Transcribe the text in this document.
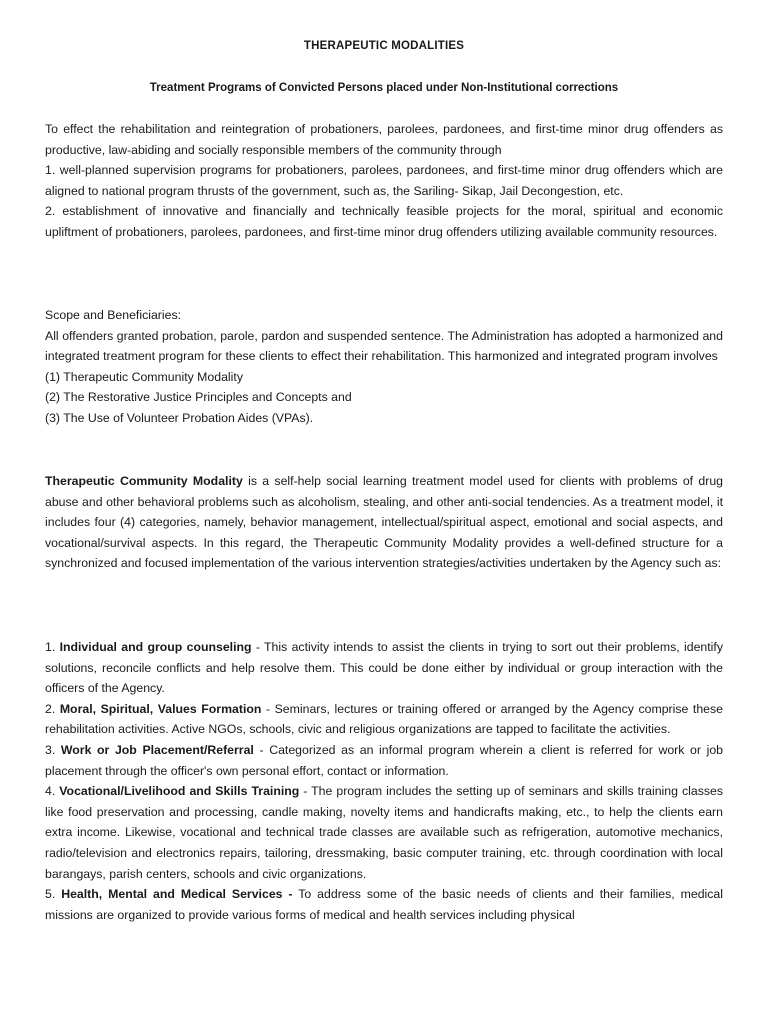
THERAPEUTIC MODALITIES
Treatment Programs of Convicted Persons placed under Non-Institutional corrections

To effect the rehabilitation and reintegration of probationers, parolees, pardonees, and first-time minor drug offenders as productive, law-abiding and socially responsible members of the community through

1. well-planned supervision programs for probationers, parolees, pardonees, and first-time minor drug offenders which are aligned to national program thrusts of the government, such as, the Sariling- Sikap, Jail Decongestion, etc.

2. establishment of innovative and financially and technically feasible projects for the moral, spiritual and economic upliftment of probationers, parolees, pardonees, and first-time minor drug offenders utilizing available community resources.

Scope and Beneficiaries:

All offenders granted probation, parole, pardon and suspended sentence. The Administration has adopted a harmonized and integrated treatment program for these clients to effect their rehabilitation. This harmonized and integrated program involves

(1) Therapeutic Community Modality

(2) The Restorative Justice Principles and Concepts and

(3) The Use of Volunteer Probation Aides (VPAs).

Therapeutic Community Modality is a self-help social learning treatment model used for clients with problems of drug abuse and other behavioral problems such as alcoholism, stealing, and other anti-social tendencies. As a treatment model, it includes four (4) categories, namely, behavior management, intellectual/spiritual aspect, emotional and social aspects, and vocational/survival aspects. In this regard, the Therapeutic Community Modality provides a well-defined structure for a synchronized and focused implementation of the various intervention strategies/activities undertaken by the Agency such as:

1. Individual and group counseling - This activity intends to assist the clients in trying to sort out their problems, identify solutions, reconcile conflicts and help resolve them. This could be done either by individual or group interaction with the officers of the Agency.

2. Moral, Spiritual, Values Formation - Seminars, lectures or training offered or arranged by the Agency comprise these rehabilitation activities. Active NGOs, schools, civic and religious organizations are tapped to facilitate the activities.

3. Work or Job Placement/Referral - Categorized as an informal program wherein a client is referred for work or job placement through the officer's own personal effort, contact or information.

4. Vocational/Livelihood and Skills Training - The program includes the setting up of seminars and skills training classes like food preservation and processing, candle making, novelty items and handicrafts making, etc., to help the clients earn extra income. Likewise, vocational and technical trade classes are available such as refrigeration, automotive mechanics, radio/television and electronics repairs, tailoring, dressmaking, basic computer training, etc. through coordination with local barangays, parish centers, schools and civic organizations.

5. Health, Mental and Medical Services - To address some of the basic needs of clients and their families, medical missions are organized to provide various forms of medical and health services including physical
